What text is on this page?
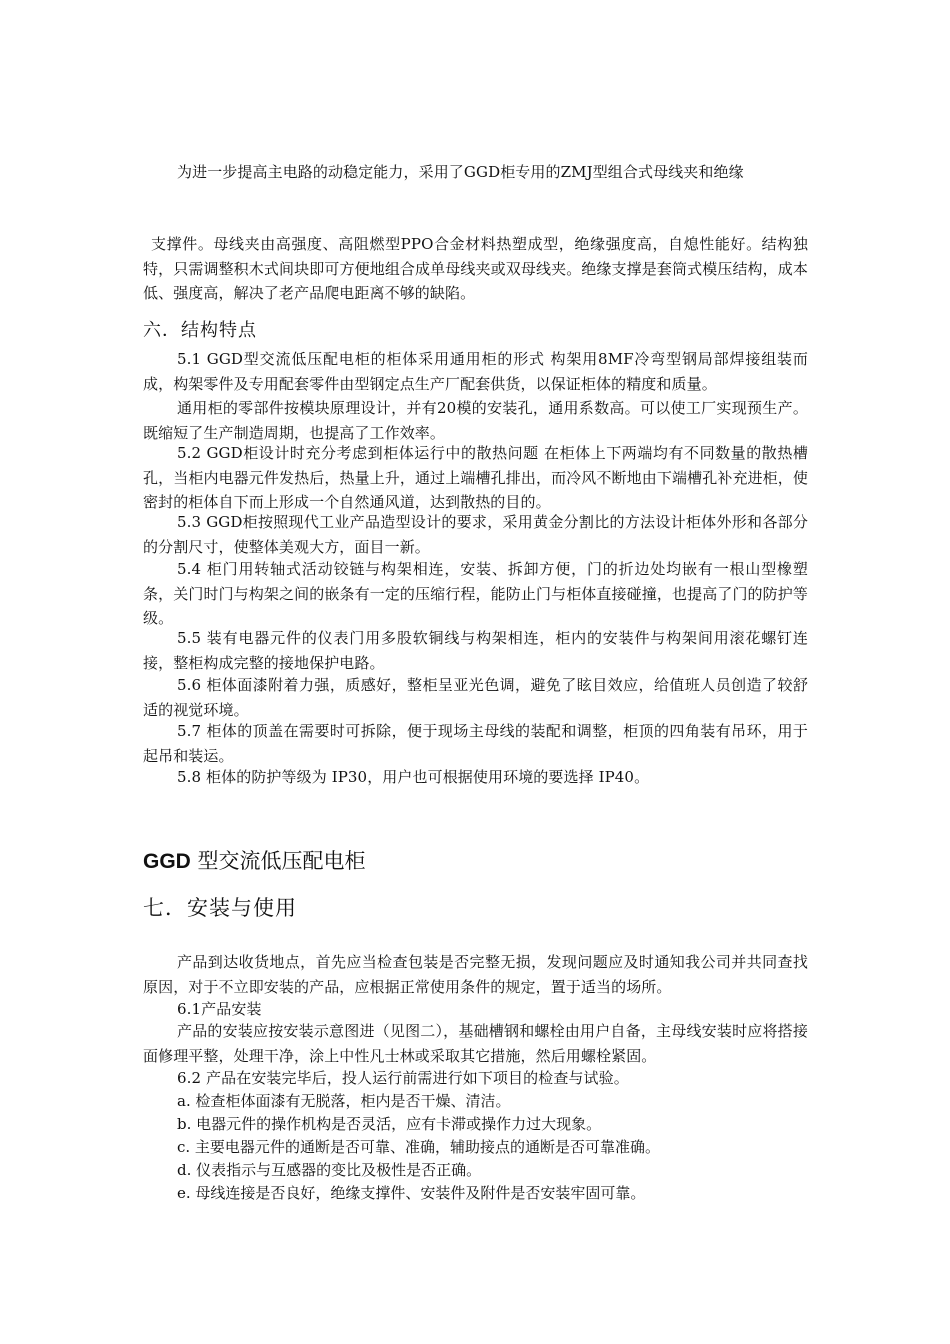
为进一步提高主电路的动稳定能力，采用了GGD柜专用的ZMJ型组合式母线夹和绝缘
支撑件。母线夹由高强度、高阻燃型PPO合金材料热塑成型，绝缘强度高，自熄性能好。结构独特，只需调整积木式间块即可方便地组合成单母线夹或双母线夹。绝缘支撑是套筒式模压结构，成本低、强度高，解决了老产品爬电距离不够的缺陷。
六．结构特点
5.1 GGD型交流低压配电柜的柜体采用通用柜的形式 构架用8MF冷弯型钢局部焊接组装而成，构架零件及专用配套零件由型钢定点生产厂配套供货，以保证柜体的精度和质量。
通用柜的零部件按模块原理设计，并有20模的安装孔，通用系数高。可以使工厂实现预生产。既缩短了生产制造周期，也提高了工作效率。
5.2 GGD柜设计时充分考虑到柜体运行中的散热问题 在柜体上下两端均有不同数量的散热槽孔，当柜内电器元件发热后，热量上升，通过上端槽孔排出，而冷风不断地由下端槽孔补充进柜，使密封的柜体自下而上形成一个自然通风道，达到散热的目的。
5.3 GGD柜按照现代工业产品造型设计的要求，采用黄金分割比的方法设计柜体外形和各部分的分割尺寸，使整体美观大方，面目一新。
5.4 柜门用转轴式活动铰链与构架相连，安装、拆卸方便，门的折边处均嵌有一根山型橡塑条，关门时门与构架之间的嵌条有一定的压缩行程，能防止门与柜体直接碰撞，也提高了门的防护等级。
5.5 装有电器元件的仪表门用多股软铜线与构架相连，柜内的安装件与构架间用滚花螺钉连接，整柜构成完整的接地保护电路。
5.6 柜体面漆附着力强，质感好，整柜呈亚光色调，避免了眩目效应，给值班人员创造了较舒适的视觉环境。
5.7 柜体的顶盖在需要时可拆除，便于现场主母线的装配和调整，柜顶的四角装有吊环，用于起吊和装运。
5.8 柜体的防护等级为 IP30，用户也可根据使用环境的要选择 IP40。
GGD 型交流低压配电柜
七．安装与使用
产品到达收货地点，首先应当检查包装是否完整无损，发现问题应及时通知我公司并共同查找原因，对于不立即安装的产品，应根据正常使用条件的规定，置于适当的场所。
6.1产品安装
产品的安装应按安装示意图进（见图二），基础槽钢和螺栓由用户自备，主母线安装时应将搭接面修理平整，处理干净，涂上中性凡士林或采取其它措施，然后用螺栓紧固。
6.2 产品在安装完毕后，投人运行前需进行如下项目的检查与试验。
a. 检查柜体面漆有无脱落，柜内是否干燥、清洁。
b. 电器元件的操作机构是否灵活，应有卡滞或操作力过大现象。
c. 主要电器元件的通断是否可靠、准确，辅助接点的通断是否可靠准确。
d. 仪表指示与互感器的变比及极性是否正确。
e. 母线连接是否良好，绝缘支撑件、安装件及附件是否安装牢固可靠。
